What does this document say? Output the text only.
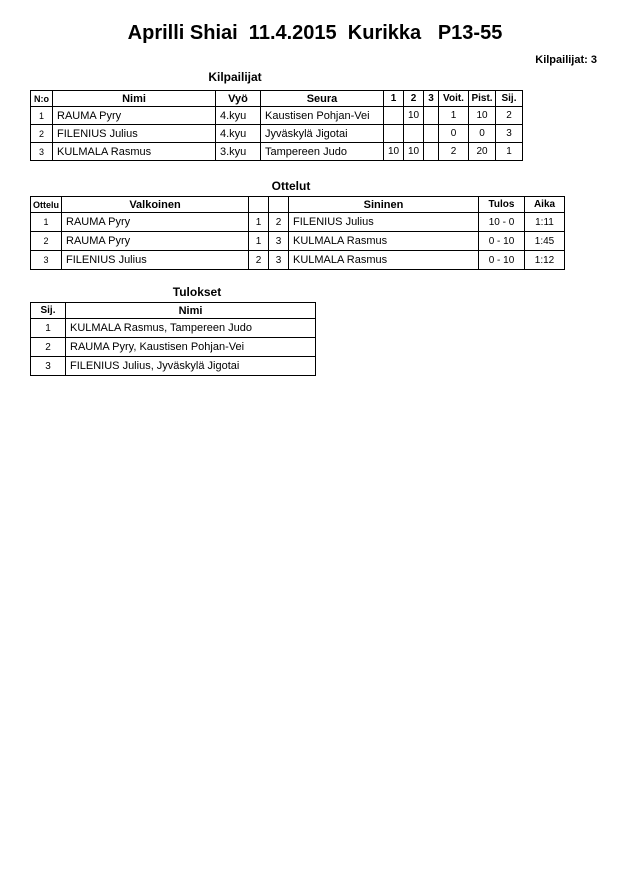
Aprilli Shiai  11.4.2015  Kurikka   P13-55
Kilpailijat: 3
Kilpailijat
N:o	Nimi	Vyö	Seura	1	2	3	Voit.	Pist.	Sij.
1	RAUMA Pyry	4.kyu	Kaustisen Pohjan-Vei		10		1	10	2
2	FILENIUS Julius	4.kyu	Jyväskylä Jigotai				0	0	3
3	KULMALA Rasmus	3.kyu	Tampereen Judo	10	10		2	20	1
Ottelut
Ottelu	Valkoinen			Sininen	Tulos	Aika
1	RAUMA Pyry	1	2	FILENIUS Julius	10 - 0	1:11
2	RAUMA Pyry	1	3	KULMALA Rasmus	0 - 10	1:45
3	FILENIUS Julius	2	3	KULMALA Rasmus	0 - 10	1:12
Tulokset
Sij.	Nimi
1	KULMALA Rasmus, Tampereen Judo
2	RAUMA Pyry, Kaustisen Pohjan-Vei
3	FILENIUS Julius, Jyväskylä Jigotai
